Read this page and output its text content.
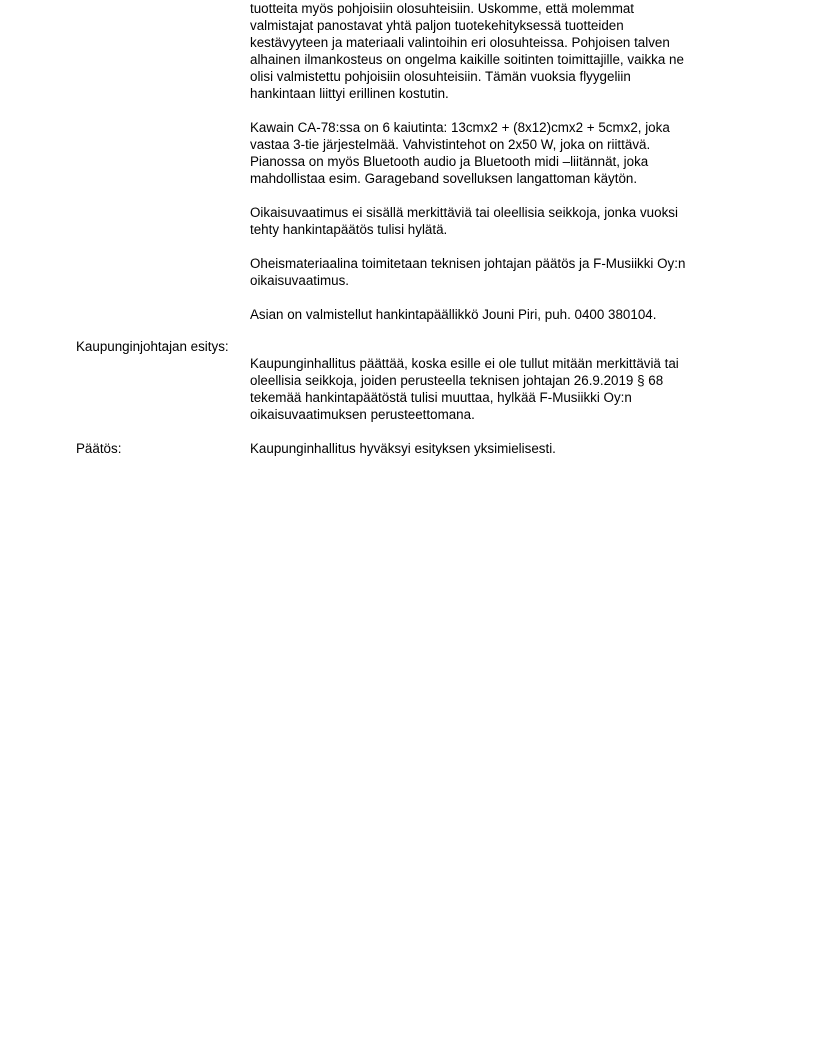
tuotteita myös pohjoisiin olosuhteisiin. Uskomme, että molemmat
valmistajat panostavat yhtä paljon tuotekehityksessä tuotteiden
kestävyyteen ja materiaali valintoihin eri olosuhteissa. Pohjoisen talven
alhainen ilmankosteus on ongelma kaikille soitinten toimittajille, vaikka ne
olisi valmistettu pohjoisiin olosuhteisiin. Tämän vuoksia flyygeliin
hankintaan liittyi erillinen kostutin.

Kawain CA-78:ssa on 6 kaiutinta: 13cmx2 + (8x12)cmx2 + 5cmx2, joka
vastaa 3-tie järjestelmää. Vahvistintehot on 2x50 W, joka on riittävä.
Pianossa on myös Bluetooth audio ja Bluetooth midi –liitännät, joka
mahdollistaa esim. Garageband sovelluksen langattoman käytön.

Oikaisuvaatimus ei sisällä merkittäviä tai oleellisia seikkoja, jonka vuoksi
tehty hankintapäätös tulisi hylätä.

Oheismateriaalina toimitetaan teknisen johtajan päätös ja F-Musiikki Oy:n
oikaisuvaatimus.

Asian on valmistellut hankintapäällikkö Jouni Piri, puh. 0400 380104.

Kaupunginjohtajan esitys:

Kaupunginhallitus päättää, koska esille ei ole tullut mitään merkittäviä tai
oleellisia seikkoja, joiden perusteella teknisen johtajan 26.9.2019 § 68
tekemää hankintapäätöstä tulisi muuttaa, hylkää F-Musiikki Oy:n
oikaisuvaatimuksen perusteettomana.

Päätös:	Kaupunginhallitus hyväksyi esityksen yksimielisesti.
